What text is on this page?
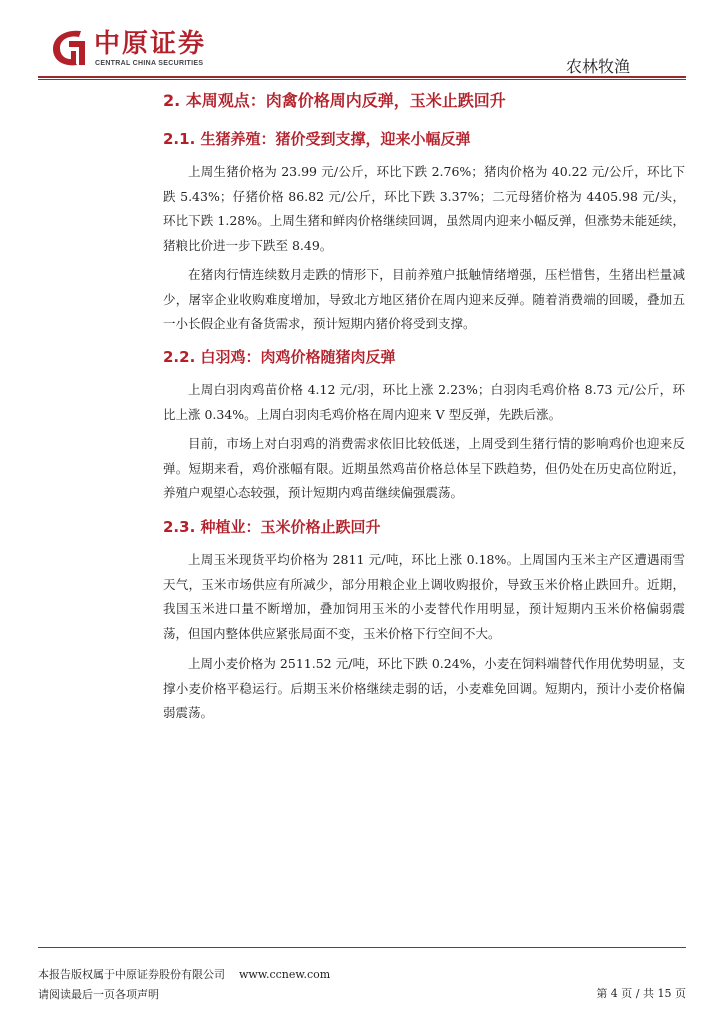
中原证券
CENTRAL CHINA SECURITIES	农林牧渔
2. 本周观点：肉禽价格周内反弹，玉米止跌回升
2.1. 生猪养殖：猪价受到支撑，迎来小幅反弹

上周生猪价格为 23.99 元/公斤，环比下跌 2.76%；猪肉价格为 40.22 元/公斤，环比下跌 5.43%；仔猪价格 86.82 元/公斤，环比下跌 3.37%；二元母猪价格为 4405.98 元/头，环比下跌 1.28%。上周生猪和鲜肉价格继续回调，虽然周内迎来小幅反弹，但涨势未能延续，猪粮比价进一步下跌至 8.49。

在猪肉行情连续数月走跌的情形下，目前养殖户抵触情绪增强，压栏惜售，生猪出栏量减少，屠宰企业收购难度增加，导致北方地区猪价在周内迎来反弹。随着消费端的回暖，叠加五一小长假企业有备货需求，预计短期内猪价将受到支撑。

2.2. 白羽鸡：肉鸡价格随猪肉反弹

上周白羽肉鸡苗价格 4.12 元/羽，环比上涨 2.23%；白羽肉毛鸡价格 8.73 元/公斤，环比上涨 0.34%。上周白羽肉毛鸡价格在周内迎来 V 型反弹，先跌后涨。

目前，市场上对白羽鸡的消费需求依旧比较低迷，上周受到生猪行情的影响鸡价也迎来反弹。短期来看，鸡价涨幅有限。近期虽然鸡苗价格总体呈下跌趋势，但仍处在历史高位附近，养殖户观望心态较强，预计短期内鸡苗继续偏强震荡。

2.3. 种植业：玉米价格止跌回升

上周玉米现货平均价格为 2811 元/吨，环比上涨 0.18%。上周国内玉米主产区遭遇雨雪天气，玉米市场供应有所减少，部分用粮企业上调收购报价，导致玉米价格止跌回升。近期，我国玉米进口量不断增加，叠加饲用玉米的小麦替代作用明显，预计短期内玉米价格偏弱震荡，但国内整体供应紧张局面不变，玉米价格下行空间不大。

上周小麦价格为 2511.52 元/吨，环比下跌 0.24%，小麦在饲料端替代作用优势明显，支撑小麦价格平稳运行。后期玉米价格继续走弱的话，小麦难免回调。短期内，预计小麦价格偏弱震荡。

本报告版权属于中原证券股份有限公司 www.ccnew.com
请阅读最后一页各项声明	第 4 页 / 共 15 页
